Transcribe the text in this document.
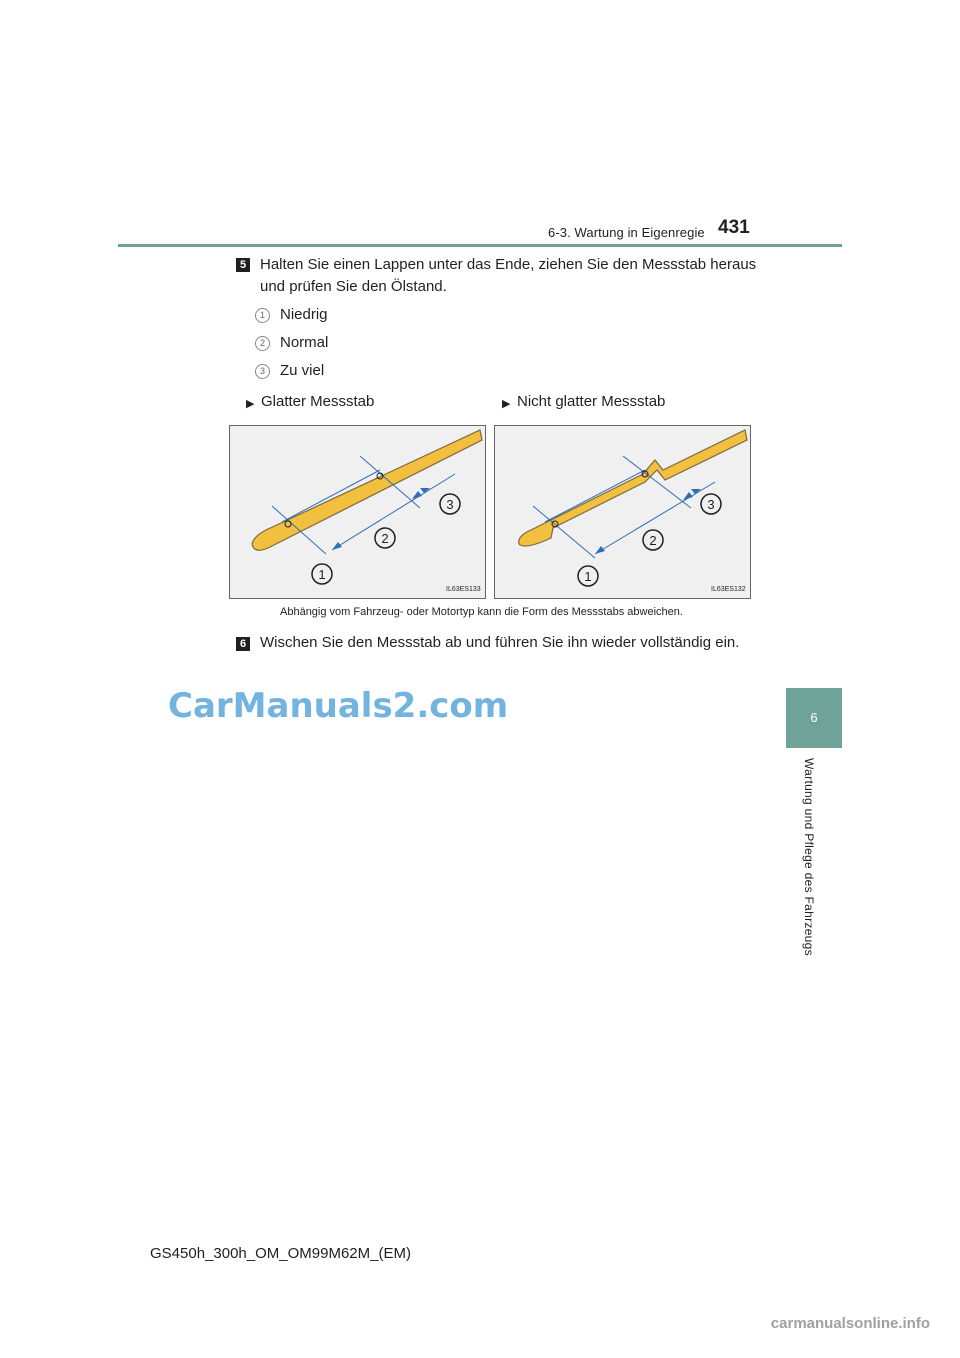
6-3. Wartung in Eigenregie 431
6
Wartung und Pflege des Fahrzeugs
5 Halten Sie einen Lappen unter das Ende, ziehen Sie den Messstab heraus
und prüfen Sie den Ölstand.
1	Niedrig
2	Normal
3	Zu viel
▶ Glatter Messstab	▶ Nicht glatter Messstab
1
2
3
IL63ES133
1
2
3
IL63ES132
Abhängig vom Fahrzeug- oder Motortyp kann die Form des Messstabs abweichen.
6 Wischen Sie den Messstab ab und führen Sie ihn wieder vollständig ein.
CarManuals2.com
GS450h_300h_OM_OM99M62M_(EM)
carmanualsonline.info
